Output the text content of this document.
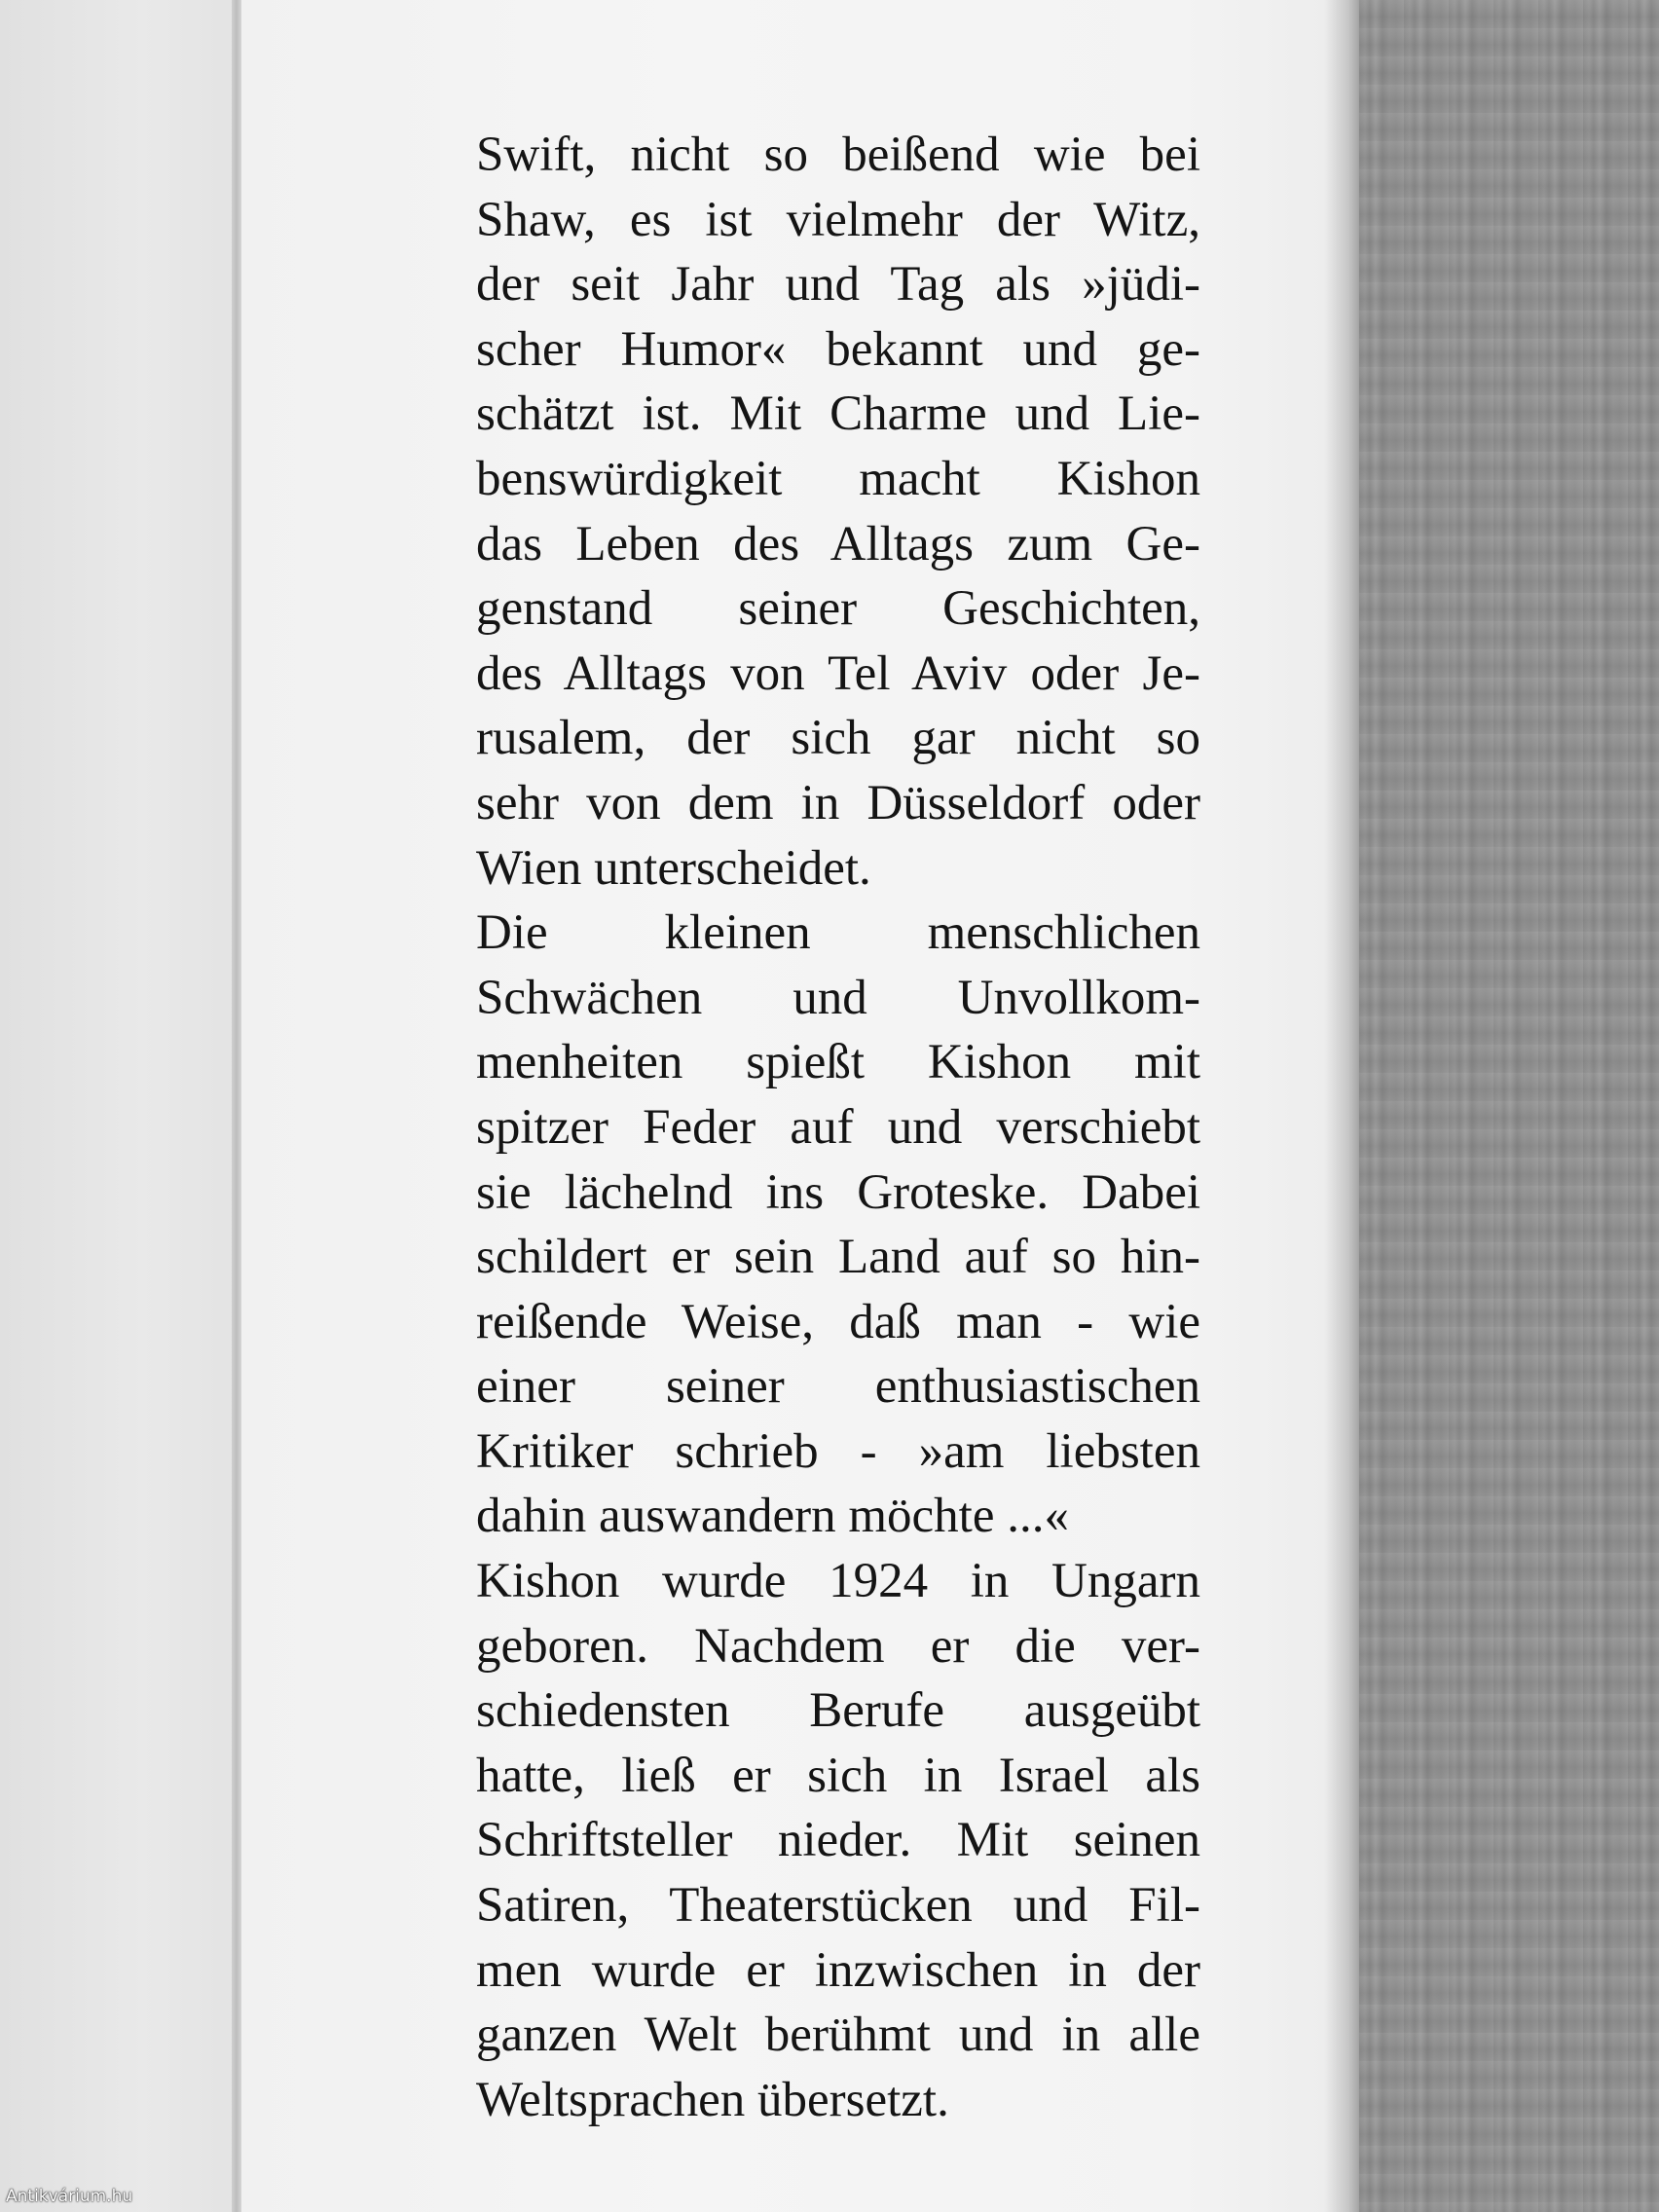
Swift, nicht so beißend wie bei
Shaw, es ist vielmehr der Witz,
der seit Jahr und Tag als »jüdi-
scher Humor« bekannt und ge-
schätzt ist. Mit Charme und Lie-
benswürdigkeit macht Kishon
das Leben des Alltags zum Ge-
genstand seiner Geschichten,
des Alltags von Tel Aviv oder Je-
rusalem, der sich gar nicht so
sehr von dem in Düsseldorf oder
Wien unterscheidet.
Die kleinen menschlichen
Schwächen und Unvollkom-
menheiten spießt Kishon mit
spitzer Feder auf und verschiebt
sie lächelnd ins Groteske. Dabei
schildert er sein Land auf so hin-
reißende Weise, daß man - wie
einer seiner enthusiastischen
Kritiker schrieb - »am liebsten
dahin auswandern möchte ...«
Kishon wurde 1924 in Ungarn
geboren. Nachdem er die ver-
schiedensten Berufe ausgeübt
hatte, ließ er sich in Israel als
Schriftsteller nieder. Mit seinen
Satiren, Theaterstücken und Fil-
men wurde er inzwischen in der
ganzen Welt berühmt und in alle
Weltsprachen übersetzt.
Antikvárium.hu
